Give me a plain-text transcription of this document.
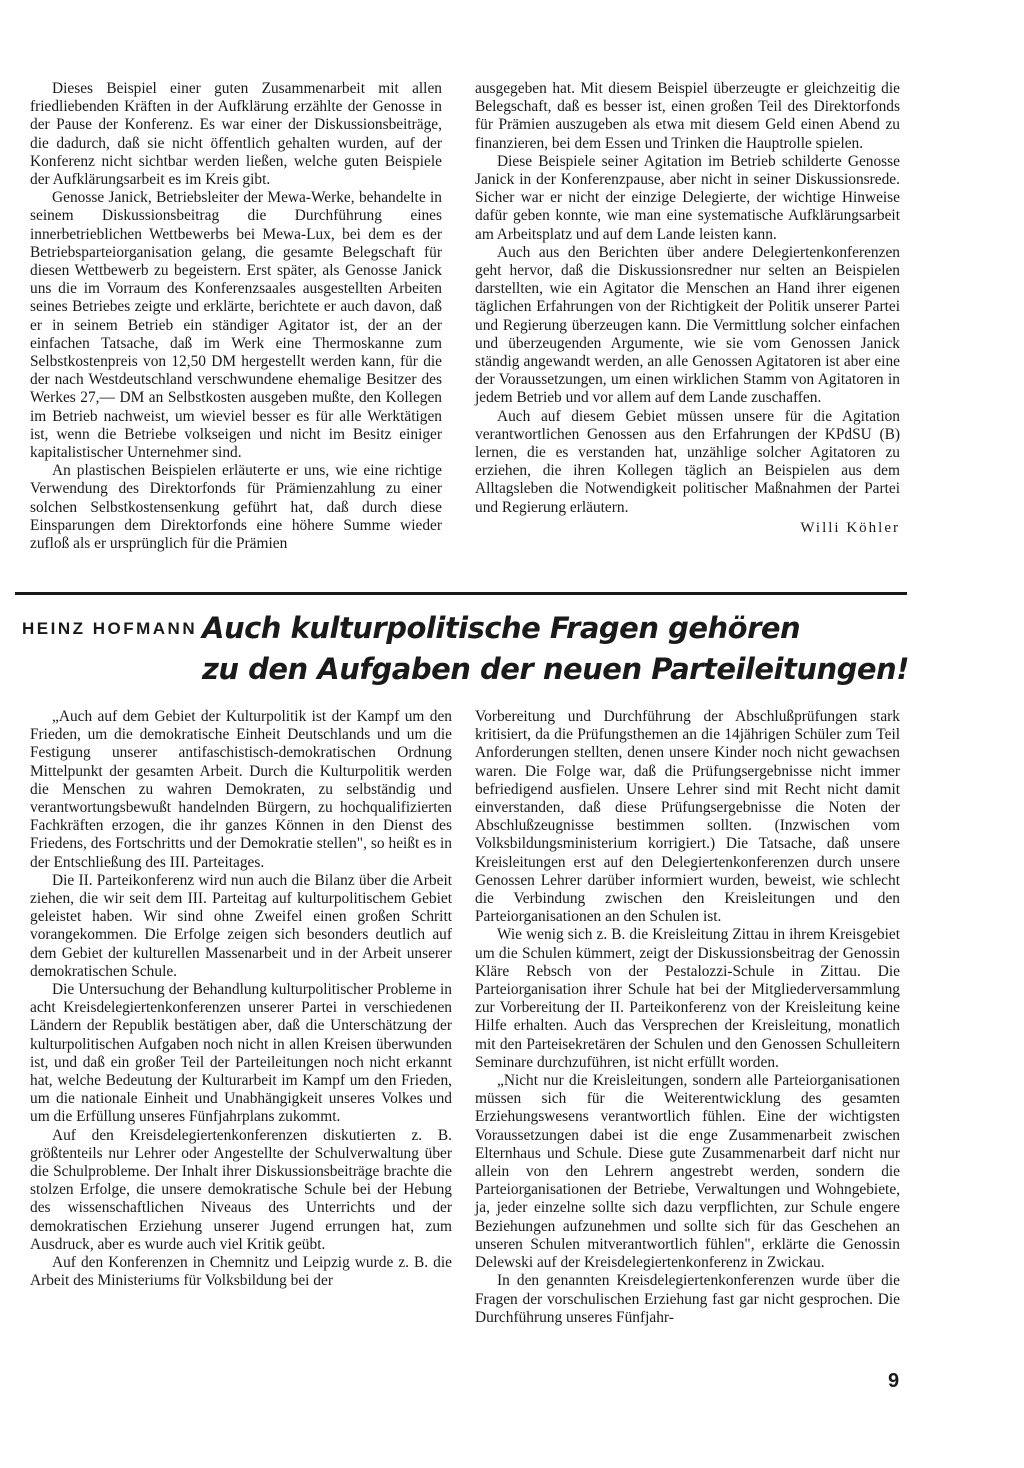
Dieses Beispiel einer guten Zusammenarbeit mit allen friedliebenden Kräften in der Aufklärung erzählte der Genosse in der Pause der Konferenz. Es war einer der Diskussionsbeiträge, die dadurch, daß sie nicht öffentlich gehalten wurden, auf der Konferenz nicht sichtbar werden ließen, welche guten Beispiele der Aufklärungsarbeit es im Kreis gibt.

Genosse Janick, Betriebsleiter der Mewa-Werke, behandelte in seinem Diskussionsbeitrag die Durchführung eines innerbetrieblichen Wettbewerbs bei Mewa-Lux, bei dem es der Betriebsparteiorganisation gelang, die gesamte Belegschaft für diesen Wettbewerb zu begeistern. Erst später, als Genosse Janick uns die im Vorraum des Konferenzsaales ausgestellten Arbeiten seines Betriebes zeigte und erklärte, berichtete er auch davon, daß er in seinem Betrieb ein ständiger Agitator ist, der an der einfachen Tatsache, daß im Werk eine Thermoskanne zum Selbstkostenpreis von 12,50 DM hergestellt werden kann, für die der nach Westdeutschland verschwundene ehemalige Besitzer des Werkes 27,— DM an Selbstkosten ausgeben mußte, den Kollegen im Betrieb nachweist, um wieviel besser es für alle Werktätigen ist, wenn die Betriebe volkseigen und nicht im Besitz einiger kapitalistischer Unternehmer sind.

An plastischen Beispielen erläuterte er uns, wie eine richtige Verwendung des Direktorfonds für Prämienzahlung zu einer solchen Selbstkostensenkung geführt hat, daß durch diese Einsparungen dem Direktorfonds eine höhere Summe wieder zufloß als er ursprünglich für die Prämien

ausgegeben hat. Mit diesem Beispiel überzeugte er gleichzeitig die Belegschaft, daß es besser ist, einen großen Teil des Direktorfonds für Prämien auszugeben als etwa mit diesem Geld einen Abend zu finanzieren, bei dem Essen und Trinken die Hauptrolle spielen.

Diese Beispiele seiner Agitation im Betrieb schilderte Genosse Janick in der Konferenzpause, aber nicht in seiner Diskussionsrede. Sicher war er nicht der einzige Delegierte, der wichtige Hinweise dafür geben konnte, wie man eine systematische Aufklärungsarbeit am Arbeitsplatz und auf dem Lande leisten kann.

Auch aus den Berichten über andere Delegiertenkonferenzen geht hervor, daß die Diskussionsredner nur selten an Beispielen darstellten, wie ein Agitator die Menschen an Hand ihrer eigenen täglichen Erfahrungen von der Richtigkeit der Politik unserer Partei und Regierung überzeugen kann. Die Vermittlung solcher einfachen und überzeugenden Argumente, wie sie vom Genossen Janick ständig angewandt werden, an alle Genossen Agitatoren ist aber eine der Voraussetzungen, um einen wirklichen Stamm von Agitatoren in jedem Betrieb und vor allem auf dem Lande zuschaffen.

Auch auf diesem Gebiet müssen unsere für die Agitation verantwortlichen Genossen aus den Erfahrungen der KPdSU (B) lernen, die es verstanden hat, unzählige solcher Agitatoren zu erziehen, die ihren Kollegen täglich an Beispielen aus dem Alltagsleben die Notwendigkeit politischer Maßnahmen der Partei und Regierung erläutern.

Willi Köhler
HEINZ HOFMANN Auch kulturpolitische Fragen gehören
zu den Aufgaben der neuen Parteileitungen!

„Auch auf dem Gebiet der Kulturpolitik ist der Kampf um den Frieden, um die demokratische Einheit Deutschlands und um die Festigung unserer antifaschistisch-demokratischen Ordnung Mittelpunkt der gesamten Arbeit. Durch die Kulturpolitik werden die Menschen zu wahren Demokraten, zu selbständig und verantwortungsbewußt handelnden Bürgern, zu hochqualifizierten Fachkräften erzogen, die ihr ganzes Können in den Dienst des Friedens, des Fortschritts und der Demokratie stellen", so heißt es in der Entschließung des III. Parteitages.

Die II. Parteikonferenz wird nun auch die Bilanz über die Arbeit ziehen, die wir seit dem III. Parteitag auf kulturpolitischem Gebiet geleistet haben. Wir sind ohne Zweifel einen großen Schritt vorangekommen. Die Erfolge zeigen sich besonders deutlich auf dem Gebiet der kulturellen Massenarbeit und in der Arbeit unserer demokratischen Schule.

Die Untersuchung der Behandlung kulturpolitischer Probleme in acht Kreisdelegiertenkonferenzen unserer Partei in verschiedenen Ländern der Republik bestätigen aber, daß die Unterschätzung der kulturpolitischen Aufgaben noch nicht in allen Kreisen überwunden ist, und daß ein großer Teil der Parteileitungen noch nicht erkannt hat, welche Bedeutung der Kulturarbeit im Kampf um den Frieden, um die nationale Einheit und Unabhängigkeit unseres Volkes und um die Erfüllung unseres Fünfjahrplans zukommt.

Auf den Kreisdelegiertenkonferenzen diskutierten z. B. größtenteils nur Lehrer oder Angestellte der Schulverwaltung über die Schulprobleme. Der Inhalt ihrer Diskussionsbeiträge brachte die stolzen Erfolge, die unsere demokratische Schule bei der Hebung des wissenschaftlichen Niveaus des Unterrichts und der demokratischen Erziehung unserer Jugend errungen hat, zum Ausdruck, aber es wurde auch viel Kritik geübt.

Auf den Konferenzen in Chemnitz und Leipzig wurde z. B. die Arbeit des Ministeriums für Volksbildung bei der

Vorbereitung und Durchführung der Abschlußprüfungen stark kritisiert, da die Prüfungsthemen an die 14jährigen Schüler zum Teil Anforderungen stellten, denen unsere Kinder noch nicht gewachsen waren. Die Folge war, daß die Prüfungsergebnisse nicht immer befriedigend ausfielen. Unsere Lehrer sind mit Recht nicht damit einverstanden, daß diese Prüfungsergebnisse die Noten der Abschlußzeugnisse bestimmen sollten. (Inzwischen vom Volksbildungsministerium korrigiert.) Die Tatsache, daß unsere Kreisleitungen erst auf den Delegiertenkonferenzen durch unsere Genossen Lehrer darüber informiert wurden, beweist, wie schlecht die Verbindung zwischen den Kreisleitungen und den Parteiorganisationen an den Schulen ist.

Wie wenig sich z. B. die Kreisleitung Zittau in ihrem Kreisgebiet um die Schulen kümmert, zeigt der Diskussionsbeitrag der Genossin Kläre Rebsch von der Pestalozzi-Schule in Zittau. Die Parteiorganisation ihrer Schule hat bei der Mitgliederversammlung zur Vorbereitung der II. Parteikonferenz von der Kreisleitung keine Hilfe erhalten. Auch das Versprechen der Kreisleitung, monatlich mit den Parteisekretären der Schulen und den Genossen Schulleitern Seminare durchzuführen, ist nicht erfüllt worden.

„Nicht nur die Kreisleitungen, sondern alle Parteiorganisationen müssen sich für die Weiterentwicklung des gesamten Erziehungswesens verantwortlich fühlen. Eine der wichtigsten Voraussetzungen dabei ist die enge Zusammenarbeit zwischen Elternhaus und Schule. Diese gute Zusammenarbeit darf nicht nur allein von den Lehrern angestrebt werden, sondern die Parteiorganisationen der Betriebe, Verwaltungen und Wohngebiete, ja, jeder einzelne sollte sich dazu verpflichten, zur Schule engere Beziehungen aufzunehmen und sollte sich für das Geschehen an unseren Schulen mitverantwortlich fühlen", erklärte die Genossin Delewski auf der Kreisdelegiertenkonferenz in Zwickau.

In den genannten Kreisdelegiertenkonferenzen wurde über die Fragen der vorschulischen Erziehung fast gar nicht gesprochen. Die Durchführung unseres Fünfjahr-

9
